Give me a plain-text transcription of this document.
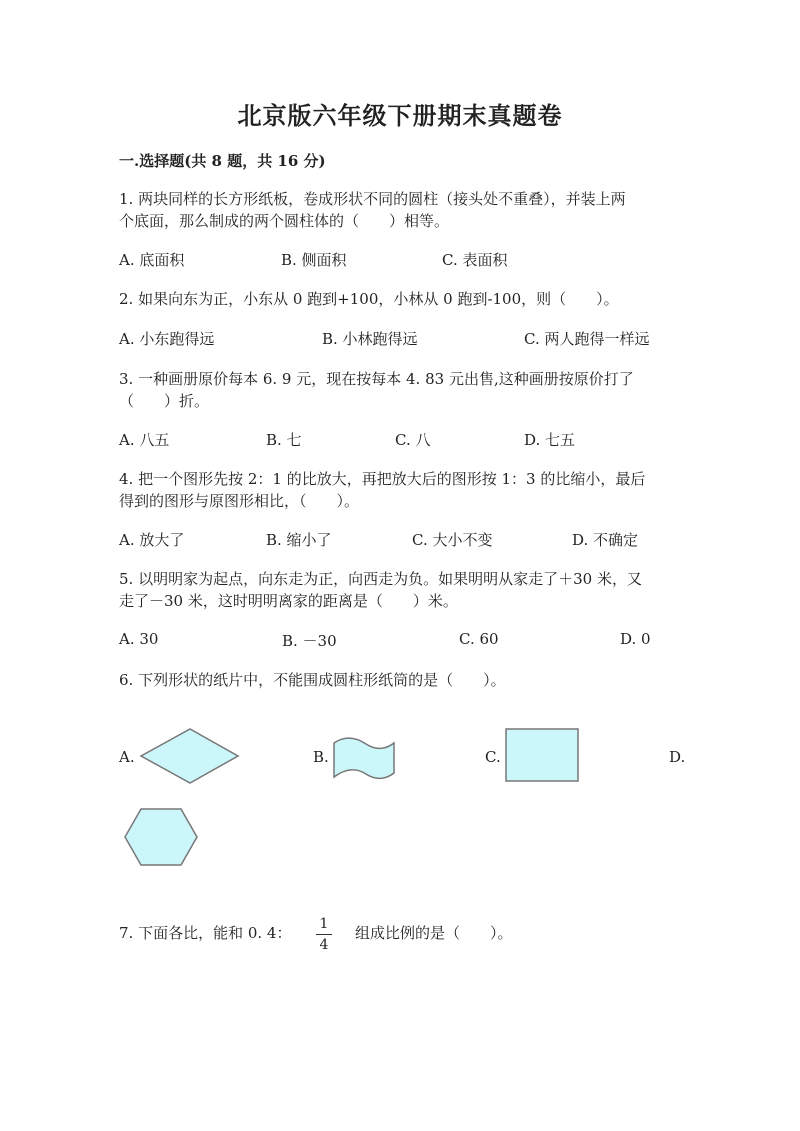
北京版六年级下册期末真题卷
一.选择题(共 8 题，共 16 分)
1. 两块同样的长方形纸板，卷成形状不同的圆柱（接头处不重叠），并装上两
个底面，那么制成的两个圆柱体的（　　）相等。
A. 底面积	B. 侧面积	C. 表面积
2. 如果向东为正，小东从 0 跑到+100，小林从 0 跑到-100，则（　　）。
A. 小东跑得远	B. 小林跑得远	C. 两人跑得一样远
3. 一种画册原价每本 6. 9 元，现在按每本 4. 83 元出售,这种画册按原价打了
（　　）折。
A. 八五	B. 七	C. 八	D. 七五
4. 把一个图形先按 2：1 的比放大，再把放大后的图形按 1：3 的比缩小，最后
得到的图形与原图形相比，（　　）。
A. 放大了	B. 缩小了	C. 大小不变	D. 不确定
5. 以明明家为起点，向东走为正，向西走为负。如果明明从家走了＋30 米，又
走了－30 米，这时明明离家的距离是（　　）米。
A. 30	B. －30	C. 60	D. 0
6. 下列形状的纸片中，不能围成圆柱形纸筒的是（　　）。
A.	B.	C.	D.
7. 下面各比，能和 0. 4： 1
4
组成比例的是（　　）。
